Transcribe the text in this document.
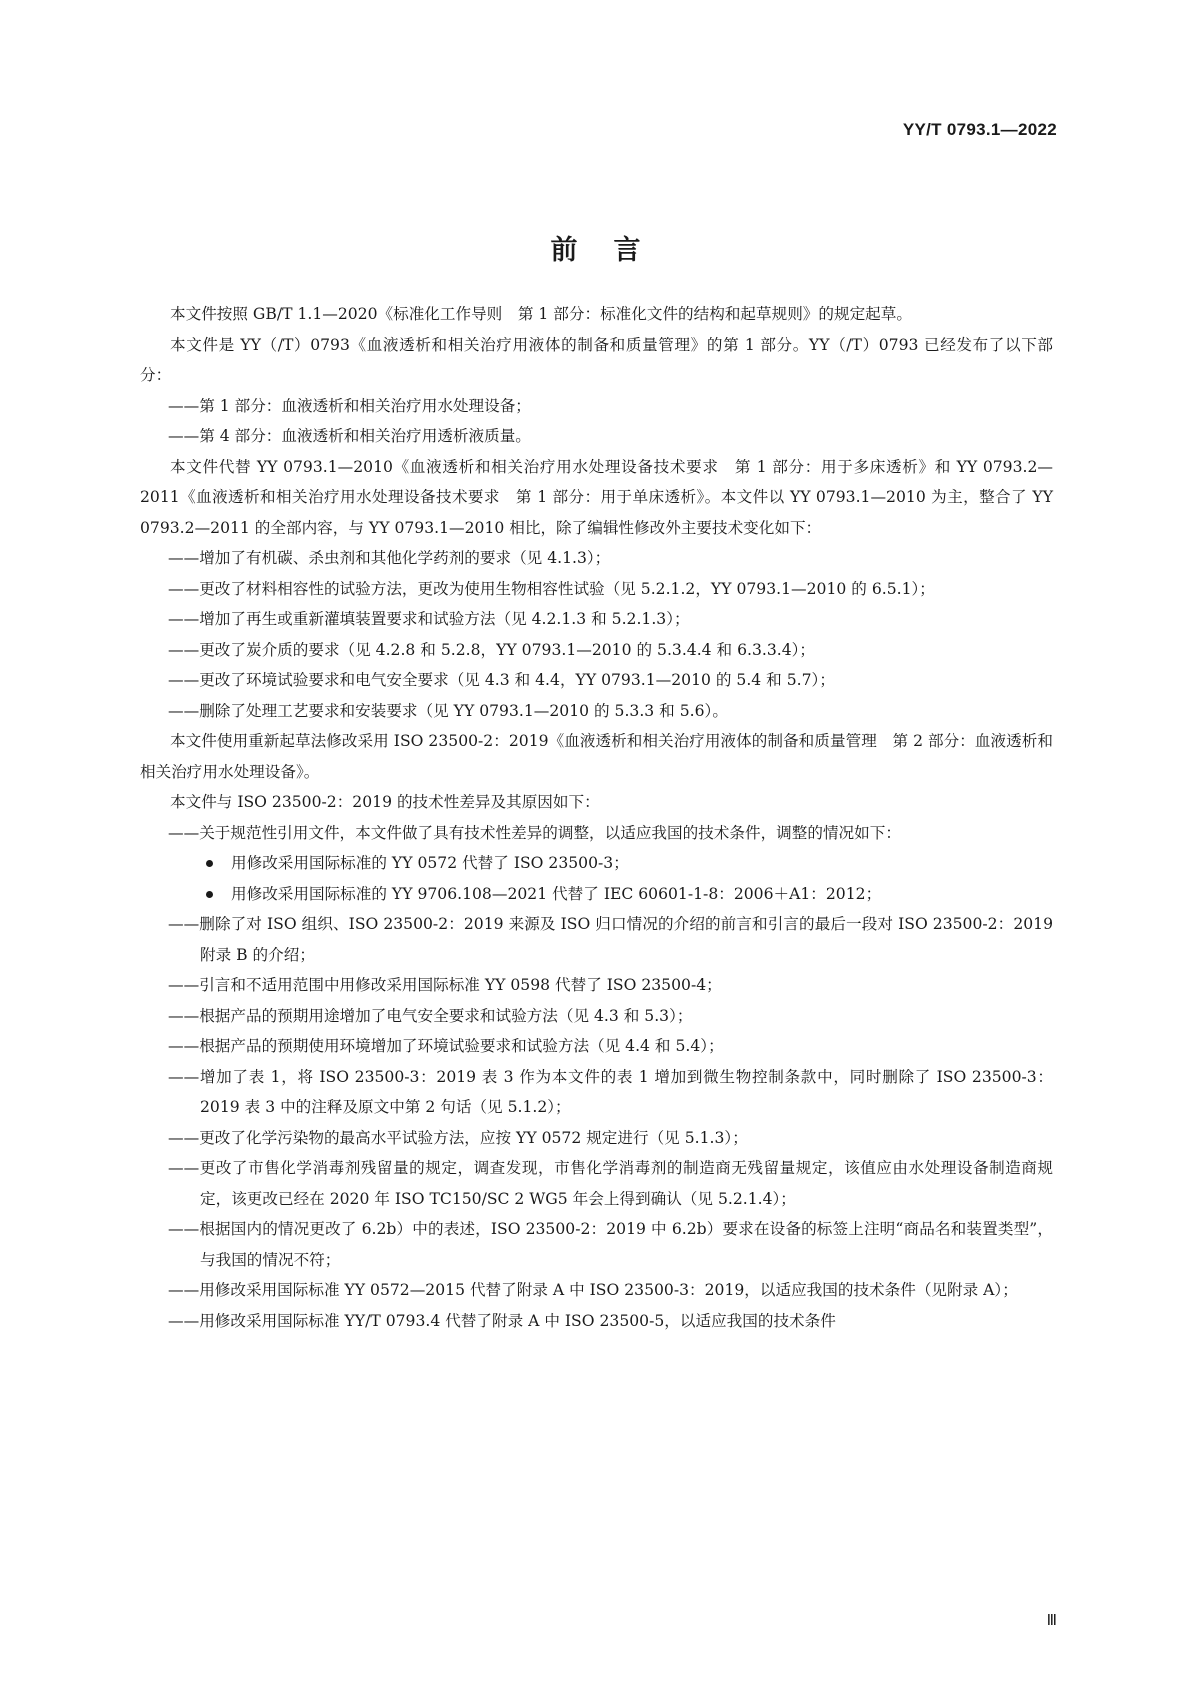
YY/T 0793.1—2022
前言

本文件按照 GB/T 1.1—2020《标准化工作导则　第 1 部分：标准化文件的结构和起草规则》的规定起草。

本文件是 YY（/T）0793《血液透析和相关治疗用液体的制备和质量管理》的第 1 部分。YY（/T）0793 已经发布了以下部分：

——第 1 部分：血液透析和相关治疗用水处理设备；

——第 4 部分：血液透析和相关治疗用透析液质量。

本文件代替 YY 0793.1—2010《血液透析和相关治疗用水处理设备技术要求　第 1 部分：用于多床透析》和 YY 0793.2—2011《血液透析和相关治疗用水处理设备技术要求　第 1 部分：用于单床透析》。本文件以 YY 0793.1—2010 为主，整合了 YY 0793.2—2011 的全部内容，与 YY 0793.1—2010 相比，除了编辑性修改外主要技术变化如下：

——增加了有机碳、杀虫剂和其他化学药剂的要求（见 4.1.3）；

——更改了材料相容性的试验方法，更改为使用生物相容性试验（见 5.2.1.2，YY 0793.1—2010 的 6.5.1）；

——增加了再生或重新灌填装置要求和试验方法（见 4.2.1.3 和 5.2.1.3）；

——更改了炭介质的要求（见 4.2.8 和 5.2.8，YY 0793.1—2010 的 5.3.4.4 和 6.3.3.4）；

——更改了环境试验要求和电气安全要求（见 4.3 和 4.4，YY 0793.1—2010 的 5.4 和 5.7）；

——删除了处理工艺要求和安装要求（见 YY 0793.1—2010 的 5.3.3 和 5.6）。

本文件使用重新起草法修改采用 ISO 23500-2：2019《血液透析和相关治疗用液体的制备和质量管理　第 2 部分：血液透析和相关治疗用水处理设备》。

本文件与 ISO 23500-2：2019 的技术性差异及其原因如下：

——关于规范性引用文件，本文件做了具有技术性差异的调整，以适应我国的技术条件，调整的情况如下：

用修改采用国际标准的 YY 0572 代替了 ISO 23500-3；

用修改采用国际标准的 YY 9706.108—2021 代替了 IEC 60601-1-8：2006＋A1：2012；

——删除了对 ISO 组织、ISO 23500-2：2019 来源及 ISO 归口情况的介绍的前言和引言的最后一段对 ISO 23500-2：2019 附录 B 的介绍；

——引言和不适用范围中用修改采用国际标准 YY 0598 代替了 ISO 23500-4；

——根据产品的预期用途增加了电气安全要求和试验方法（见 4.3 和 5.3）；

——根据产品的预期使用环境增加了环境试验要求和试验方法（见 4.4 和 5.4）；

——增加了表 1，将 ISO 23500-3：2019 表 3 作为本文件的表 1 增加到微生物控制条款中，同时删除了 ISO 23500-3：2019 表 3 中的注释及原文中第 2 句话（见 5.1.2）；

——更改了化学污染物的最高水平试验方法，应按 YY 0572 规定进行（见 5.1.3）；

——更改了市售化学消毒剂残留量的规定，调查发现，市售化学消毒剂的制造商无残留量规定，该值应由水处理设备制造商规定，该更改已经在 2020 年 ISO TC150/SC 2 WG5 年会上得到确认（见 5.2.1.4）；

——根据国内的情况更改了 6.2b）中的表述，ISO 23500-2：2019 中 6.2b）要求在设备的标签上注明“商品名和装置类型”，与我国的情况不符；

——用修改采用国际标准 YY 0572—2015 代替了附录 A 中 ISO 23500-3：2019，以适应我国的技术条件（见附录 A）；

——用修改采用国际标准 YY/T 0793.4 代替了附录 A 中 ISO 23500-5，以适应我国的技术条件

Ⅲ
